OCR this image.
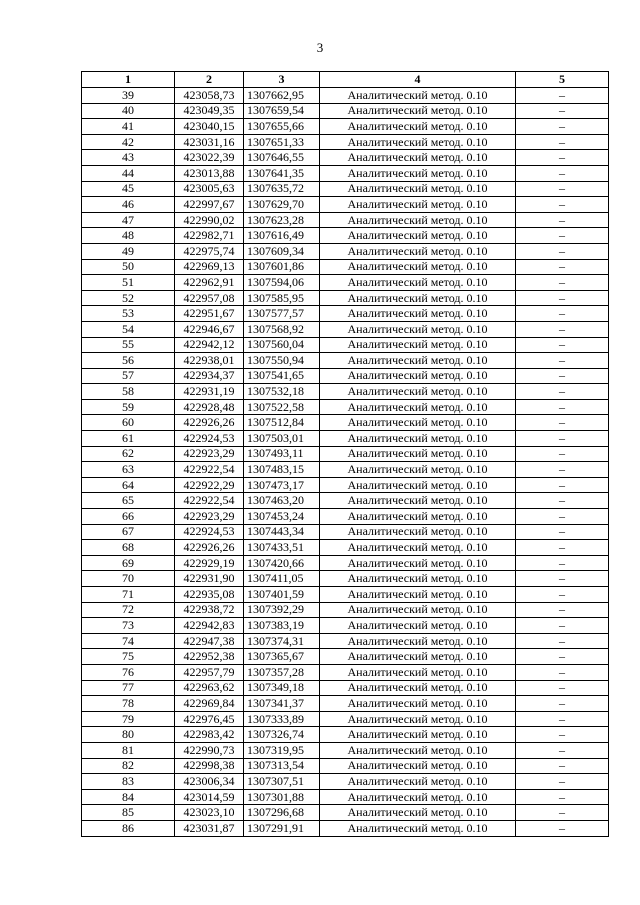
3
1	2	3	4	5
39	423058,73	1307662,95	Аналитический метод. 0.10	–
40	423049,35	1307659,54	Аналитический метод. 0.10	–
41	423040,15	1307655,66	Аналитический метод. 0.10	–
42	423031,16	1307651,33	Аналитический метод. 0.10	–
43	423022,39	1307646,55	Аналитический метод. 0.10	–
44	423013,88	1307641,35	Аналитический метод. 0.10	–
45	423005,63	1307635,72	Аналитический метод. 0.10	–
46	422997,67	1307629,70	Аналитический метод. 0.10	–
47	422990,02	1307623,28	Аналитический метод. 0.10	–
48	422982,71	1307616,49	Аналитический метод. 0.10	–
49	422975,74	1307609,34	Аналитический метод. 0.10	–
50	422969,13	1307601,86	Аналитический метод. 0.10	–
51	422962,91	1307594,06	Аналитический метод. 0.10	–
52	422957,08	1307585,95	Аналитический метод. 0.10	–
53	422951,67	1307577,57	Аналитический метод. 0.10	–
54	422946,67	1307568,92	Аналитический метод. 0.10	–
55	422942,12	1307560,04	Аналитический метод. 0.10	–
56	422938,01	1307550,94	Аналитический метод. 0.10	–
57	422934,37	1307541,65	Аналитический метод. 0.10	–
58	422931,19	1307532,18	Аналитический метод. 0.10	–
59	422928,48	1307522,58	Аналитический метод. 0.10	–
60	422926,26	1307512,84	Аналитический метод. 0.10	–
61	422924,53	1307503,01	Аналитический метод. 0.10	–
62	422923,29	1307493,11	Аналитический метод. 0.10	–
63	422922,54	1307483,15	Аналитический метод. 0.10	–
64	422922,29	1307473,17	Аналитический метод. 0.10	–
65	422922,54	1307463,20	Аналитический метод. 0.10	–
66	422923,29	1307453,24	Аналитический метод. 0.10	–
67	422924,53	1307443,34	Аналитический метод. 0.10	–
68	422926,26	1307433,51	Аналитический метод. 0.10	–
69	422929,19	1307420,66	Аналитический метод. 0.10	–
70	422931,90	1307411,05	Аналитический метод. 0.10	–
71	422935,08	1307401,59	Аналитический метод. 0.10	–
72	422938,72	1307392,29	Аналитический метод. 0.10	–
73	422942,83	1307383,19	Аналитический метод. 0.10	–
74	422947,38	1307374,31	Аналитический метод. 0.10	–
75	422952,38	1307365,67	Аналитический метод. 0.10	–
76	422957,79	1307357,28	Аналитический метод. 0.10	–
77	422963,62	1307349,18	Аналитический метод. 0.10	–
78	422969,84	1307341,37	Аналитический метод. 0.10	–
79	422976,45	1307333,89	Аналитический метод. 0.10	–
80	422983,42	1307326,74	Аналитический метод. 0.10	–
81	422990,73	1307319,95	Аналитический метод. 0.10	–
82	422998,38	1307313,54	Аналитический метод. 0.10	–
83	423006,34	1307307,51	Аналитический метод. 0.10	–
84	423014,59	1307301,88	Аналитический метод. 0.10	–
85	423023,10	1307296,68	Аналитический метод. 0.10	–
86	423031,87	1307291,91	Аналитический метод. 0.10	–
